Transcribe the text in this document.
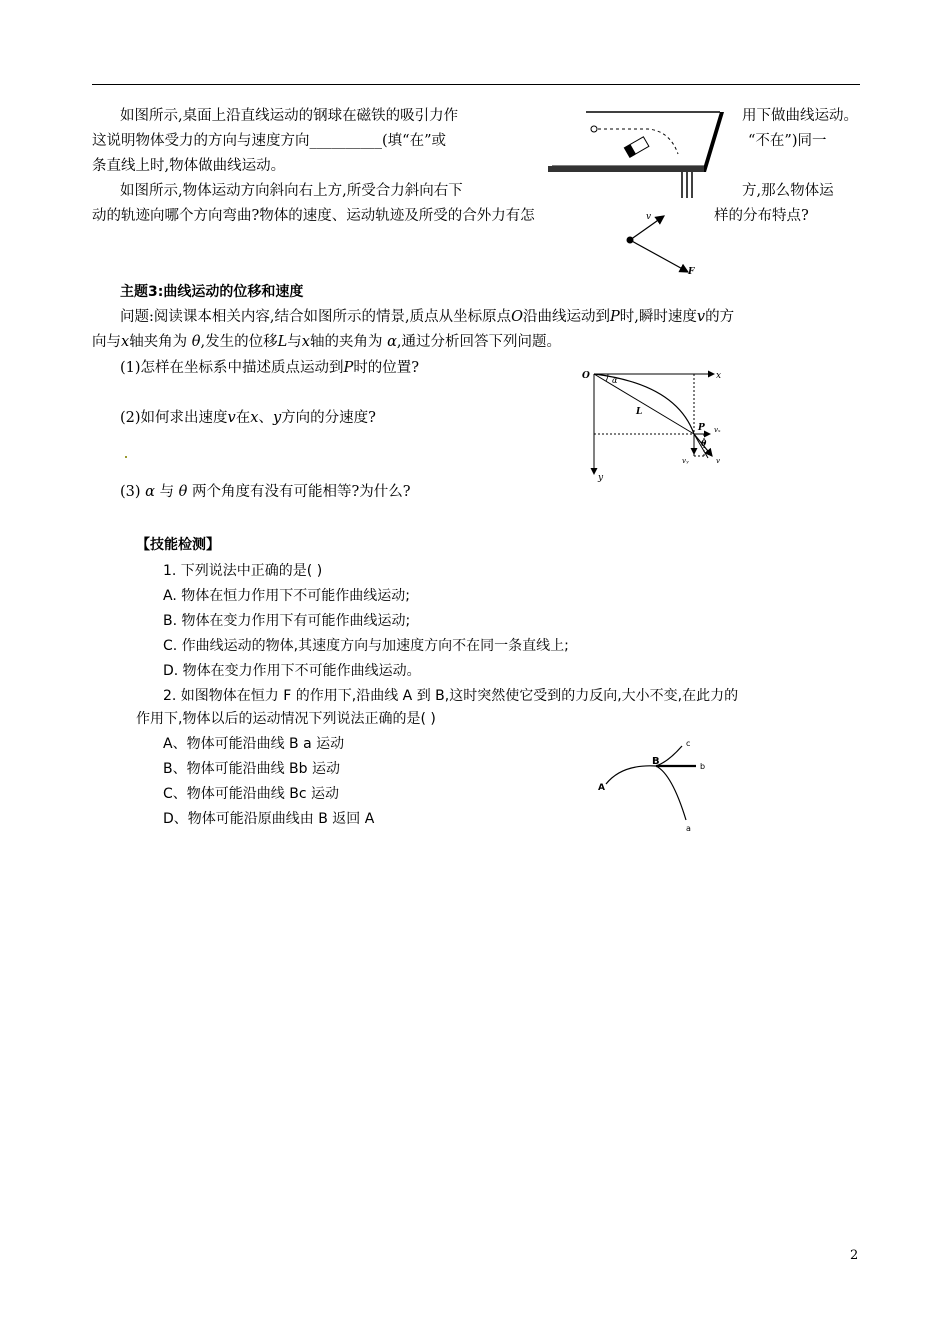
如图所示,桌面上沿直线运动的钢球在磁铁的吸引力作	用下做曲线运动。
这说明物体受力的方向与速度方向__________(填“在”或	“不在”)同一
条直线上时,物体做曲线运动。
如图所示,物体运动方向斜向右上方,所受合力斜向右下	方,那么物体运
动的轨迹向哪个方向弯曲?物体的速度、运动轨迹及所受的合外力有怎	样的分布特点?
v
F
主题3:曲线运动的位移和速度
问题:阅读课本相关内容,结合如图所示的情景,质点从坐标原点O沿曲线运动到P时,瞬时速度v的方
向与x轴夹角为 θ,发生的位移L与x轴的夹角为 α,通过分析回答下列问题。
(1)怎样在坐标系中描述质点运动到P时的位置?
(2)如何求出速度v在x、y方向的分速度?
(3) α 与 θ 两个角度有没有可能相等?为什么?
O	x
y
L
α
P
θ
vₓ
vᵧ	v
【技能检测】
1. 下列说法中正确的是( )
A. 物体在恒力作用下不可能作曲线运动;
B. 物体在变力作用下有可能作曲线运动;
C. 作曲线运动的物体,其速度方向与加速度方向不在同一条直线上;
D. 物体在变力作用下不可能作曲线运动。
2. 如图物体在恒力 F 的作用下,沿曲线 A 到 B,这时突然使它受到的力反向,大小不变,在此力的
作用下,物体以后的运动情况下列说法正确的是( )
A、物体可能沿曲线 B a 运动
B、物体可能沿曲线 Bb 运动
C、物体可能沿曲线 Bc 运动
D、物体可能沿原曲线由 B 返回 A
A
B
c
b
a
2
